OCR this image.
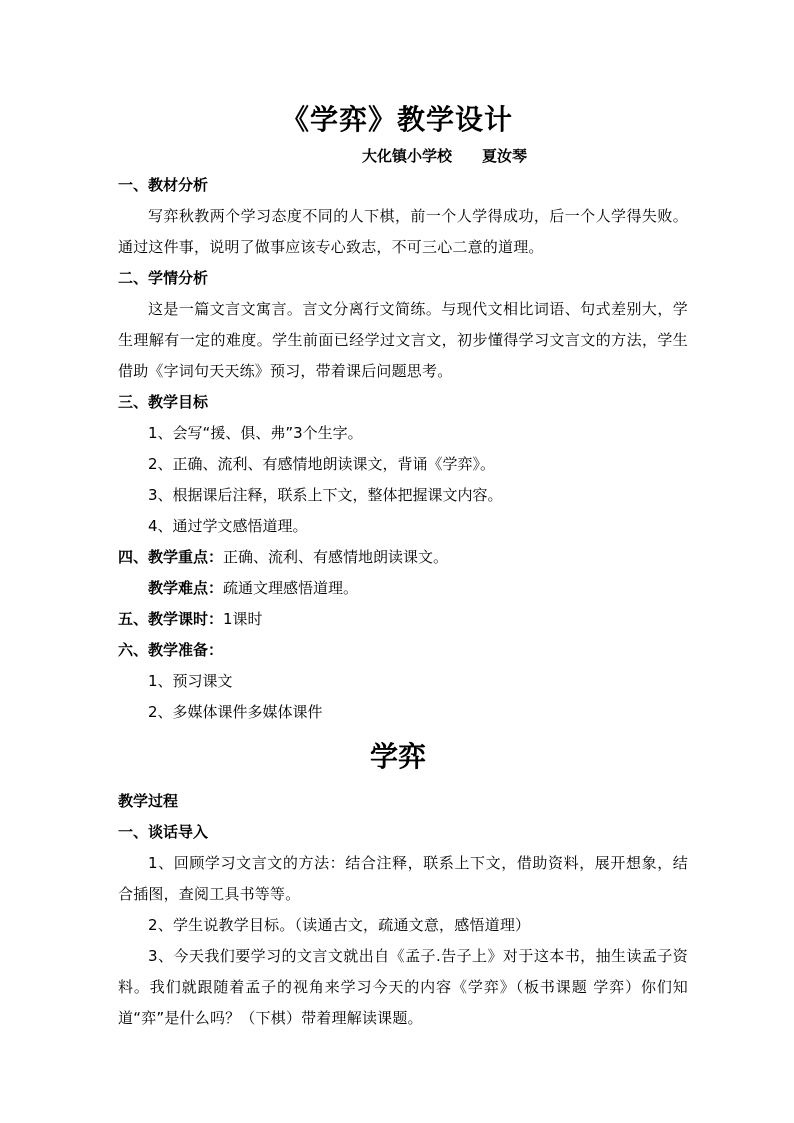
《学弈》教学设计
大化镇小学校 夏汝琴
一、教材分析

写弈秋教两个学习态度不同的人下棋，前一个人学得成功，后一个人学得失败。通过这件事，说明了做事应该专心致志，不可三心二意的道理。

二、学情分析

这是一篇文言文寓言。言文分离行文简练。与现代文相比词语、句式差别大，学生理解有一定的难度。学生前面已经学过文言文，初步懂得学习文言文的方法，学生借助《字词句天天练》预习，带着课后问题思考。

三、教学目标
1、会写“援、俱、弗”3个生字。
2、正确、流利、有感情地朗读课文，背诵《学弈》。
3、根据课后注释，联系上下文，整体把握课文内容。
4、通过学文感悟道理。
四、教学重点：正确、流利、有感情地朗读课文。
教学难点：疏通文理感悟道理。
五、教学课时：1课时
六、教学准备：
1、预习课文
2、多媒体课件多媒体课件
学弈
教学过程
一、谈话导入

1、回顾学习文言文的方法：结合注释，联系上下文，借助资料，展开想象，结合插图，查阅工具书等等。

2、学生说教学目标。（读通古文，疏通文意，感悟道理）

3、今天我们要学习的文言文就出自《孟子.告子上》对于这本书，抽生读孟子资料。我们就跟随着孟子的视角来学习今天的内容《学弈》（板书课题 学弈）你们知道“弈”是什么吗？（下棋）带着理解读课题。
